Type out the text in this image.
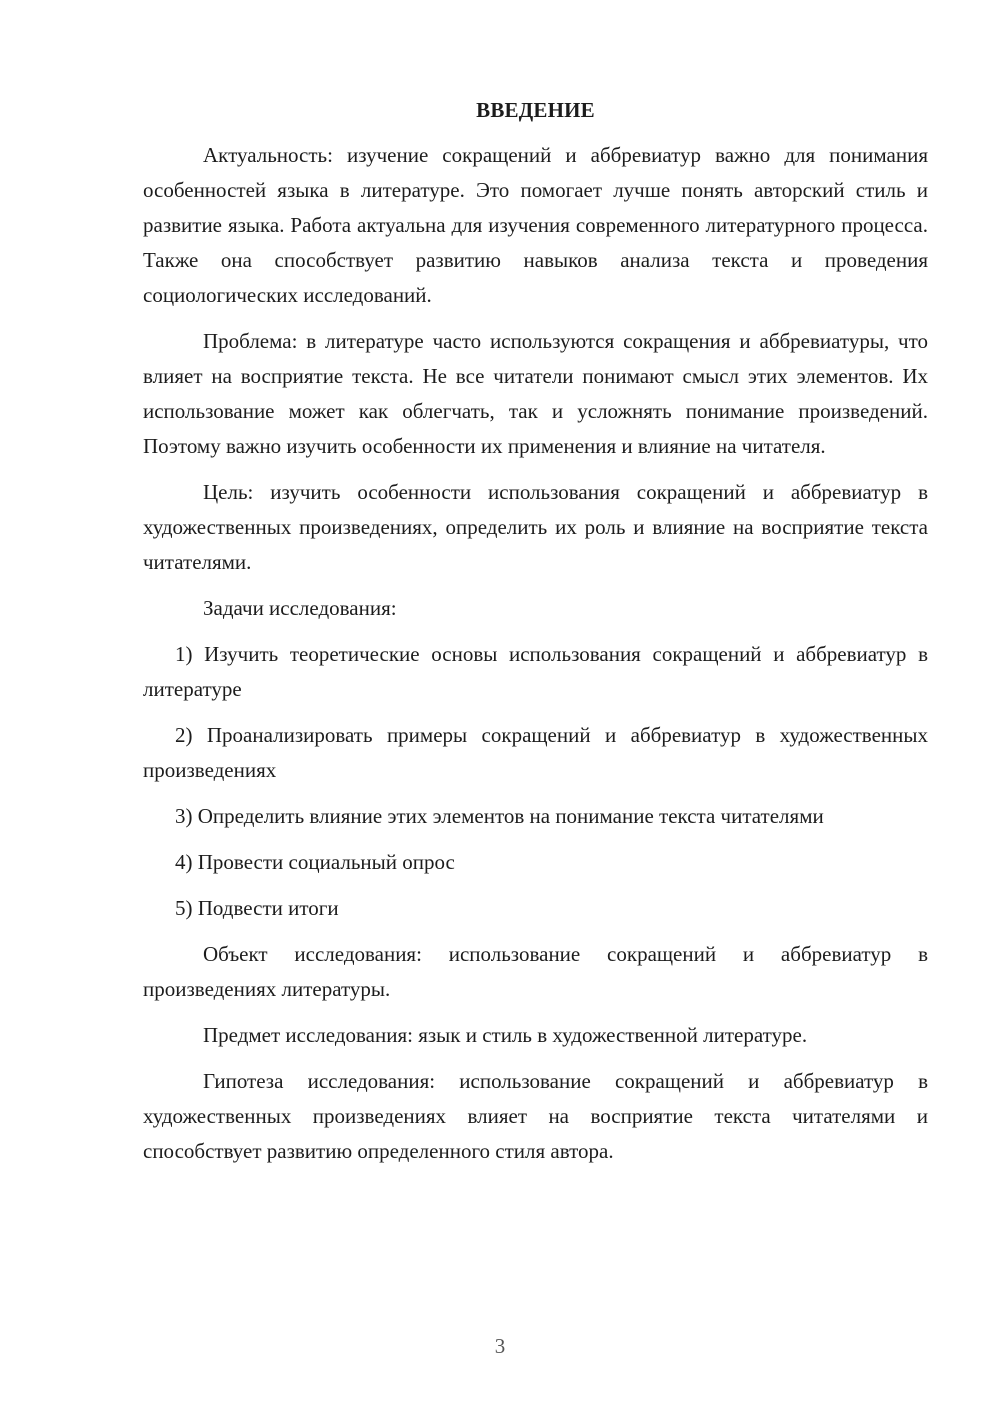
ВВЕДЕНИЕ

Актуальность: изучение сокращений и аббревиатур важно для понимания особенностей языка в литературе. Это помогает лучше понять авторский стиль и развитие языка. Работа актуальна для изучения современного литературного процесса. Также она способствует развитию навыков анализа текста и проведения социологических исследований.

Проблема: в литературе часто используются сокращения и аббревиатуры, что влияет на восприятие текста. Не все читатели понимают смысл этих элементов. Их использование может как облегчать, так и усложнять понимание произведений. Поэтому важно изучить особенности их применения и влияние на читателя.

Цель: изучить особенности использования сокращений и аббревиатур в художественных произведениях, определить их роль и влияние на восприятие текста читателями.

Задачи исследования:

1) Изучить теоретические основы использования сокращений и аббревиатур в литературе

2) Проанализировать примеры сокращений и аббревиатур в художественных произведениях

3) Определить влияние этих элементов на понимание текста читателями

4) Провести социальный опрос

5) Подвести итоги

Объект исследования: использование сокращений и аббревиатур в произведениях литературы.

Предмет исследования: язык и стиль в художественной литературе.

Гипотеза исследования: использование сокращений и аббревиатур в художественных произведениях влияет на восприятие текста читателями и способствует развитию определенного стиля автора.

3
